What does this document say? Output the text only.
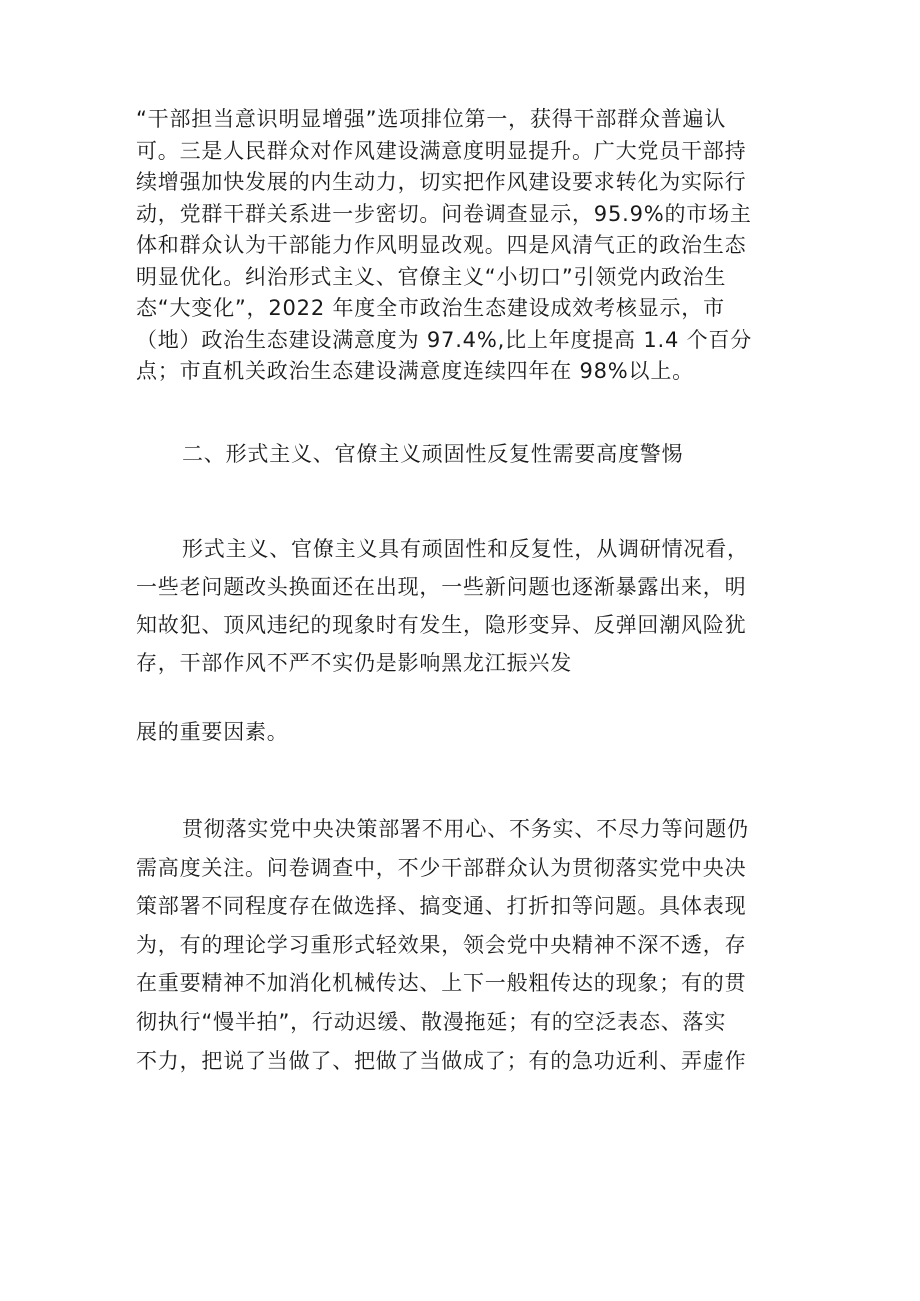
“干部担当意识明显增强”选项排位第一，获得干部群众普遍认
可。三是人民群众对作风建设满意度明显提升。广大党员干部持
续增强加快发展的内生动力，切实把作风建设要求转化为实际行
动，党群干群关系进一步密切。问卷调查显示，95.9%的市场主
体和群众认为干部能力作风明显改观。四是风清气正的政治生态
明显优化。纠治形式主义、官僚主义“小切口”引领党内政治生
态“大变化”，2022 年度全市政治生态建设成效考核显示，市
（地）政治生态建设满意度为 97.4%,比上年度提高 1.4 个百分
点；市直机关政治生态建设满意度连续四年在 98%以上。
二、形式主义、官僚主义顽固性反复性需要高度警惕
形式主义、官僚主义具有顽固性和反复性，从调研情况看，
一些老问题改头换面还在出现，一些新问题也逐渐暴露出来，明
知故犯、顶风违纪的现象时有发生，隐形变异、反弹回潮风险犹
存，干部作风不严不实仍是影响黑龙江振兴发
展的重要因素。
贯彻落实党中央决策部署不用心、不务实、不尽力等问题仍
需高度关注。问卷调查中，不少干部群众认为贯彻落实党中央决
策部署不同程度存在做选择、搞变通、打折扣等问题。具体表现
为，有的理论学习重形式轻效果，领会党中央精神不深不透，存
在重要精神不加消化机械传达、上下一般粗传达的现象；有的贯
彻执行“慢半拍”，行动迟缓、散漫拖延；有的空泛表态、落实
不力，把说了当做了、把做了当做成了；有的急功近利、弄虚作
